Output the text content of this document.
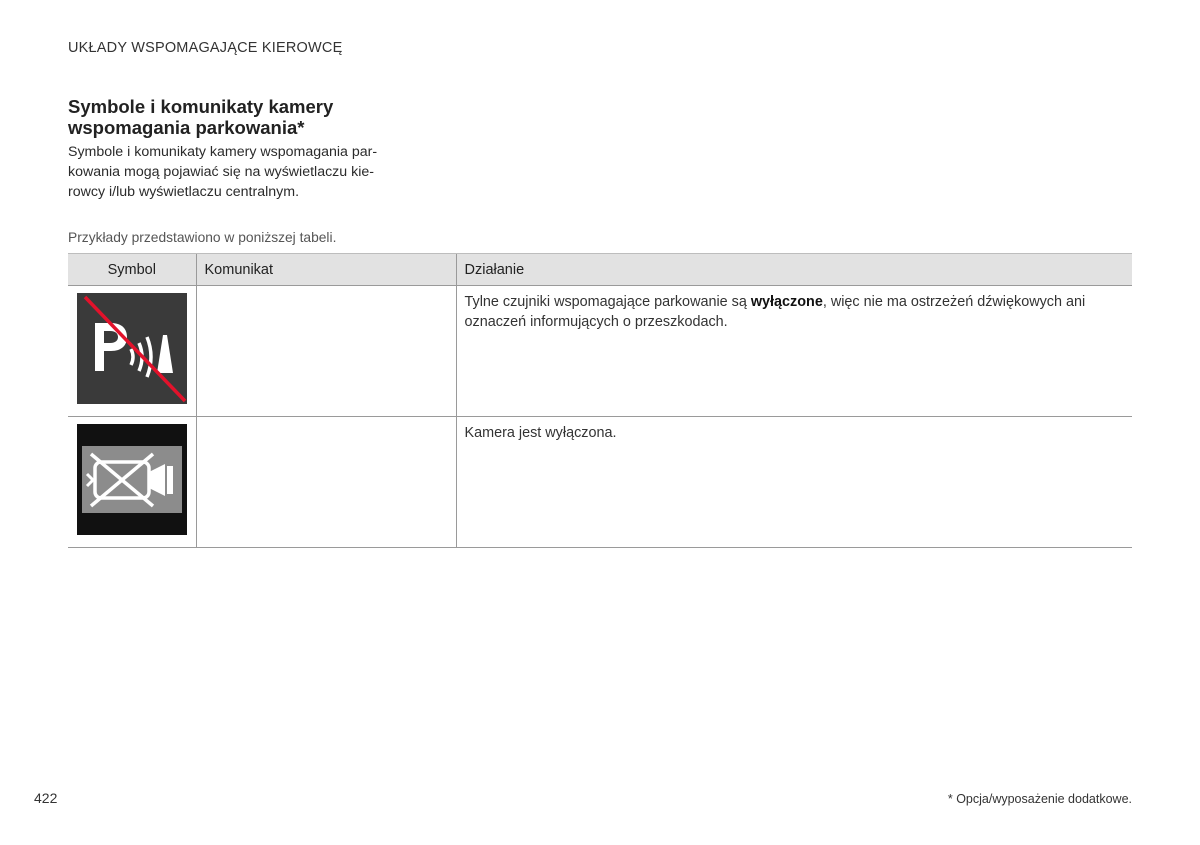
UKŁADY WSPOMAGAJĄCE KIEROWCĘ
Symbole i komunikaty kamery
wspomagania parkowania*
Symbole i komunikaty kamery wspomagania par-
kowania mogą pojawiać się na wyświetlaczu kie-
rowcy i/lub wyświetlaczu centralnym.
Przykłady przedstawiono w poniższej tabeli.
Symbol	Komunikat	Działanie
		Tylne czujniki wspomagające parkowanie są wyłączone, więc nie ma ostrzeżeń dźwiękowych ani oznaczeń informujących o przeszkodach.
		Kamera jest wyłączona.
422	* Opcja/wyposażenie dodatkowe.
